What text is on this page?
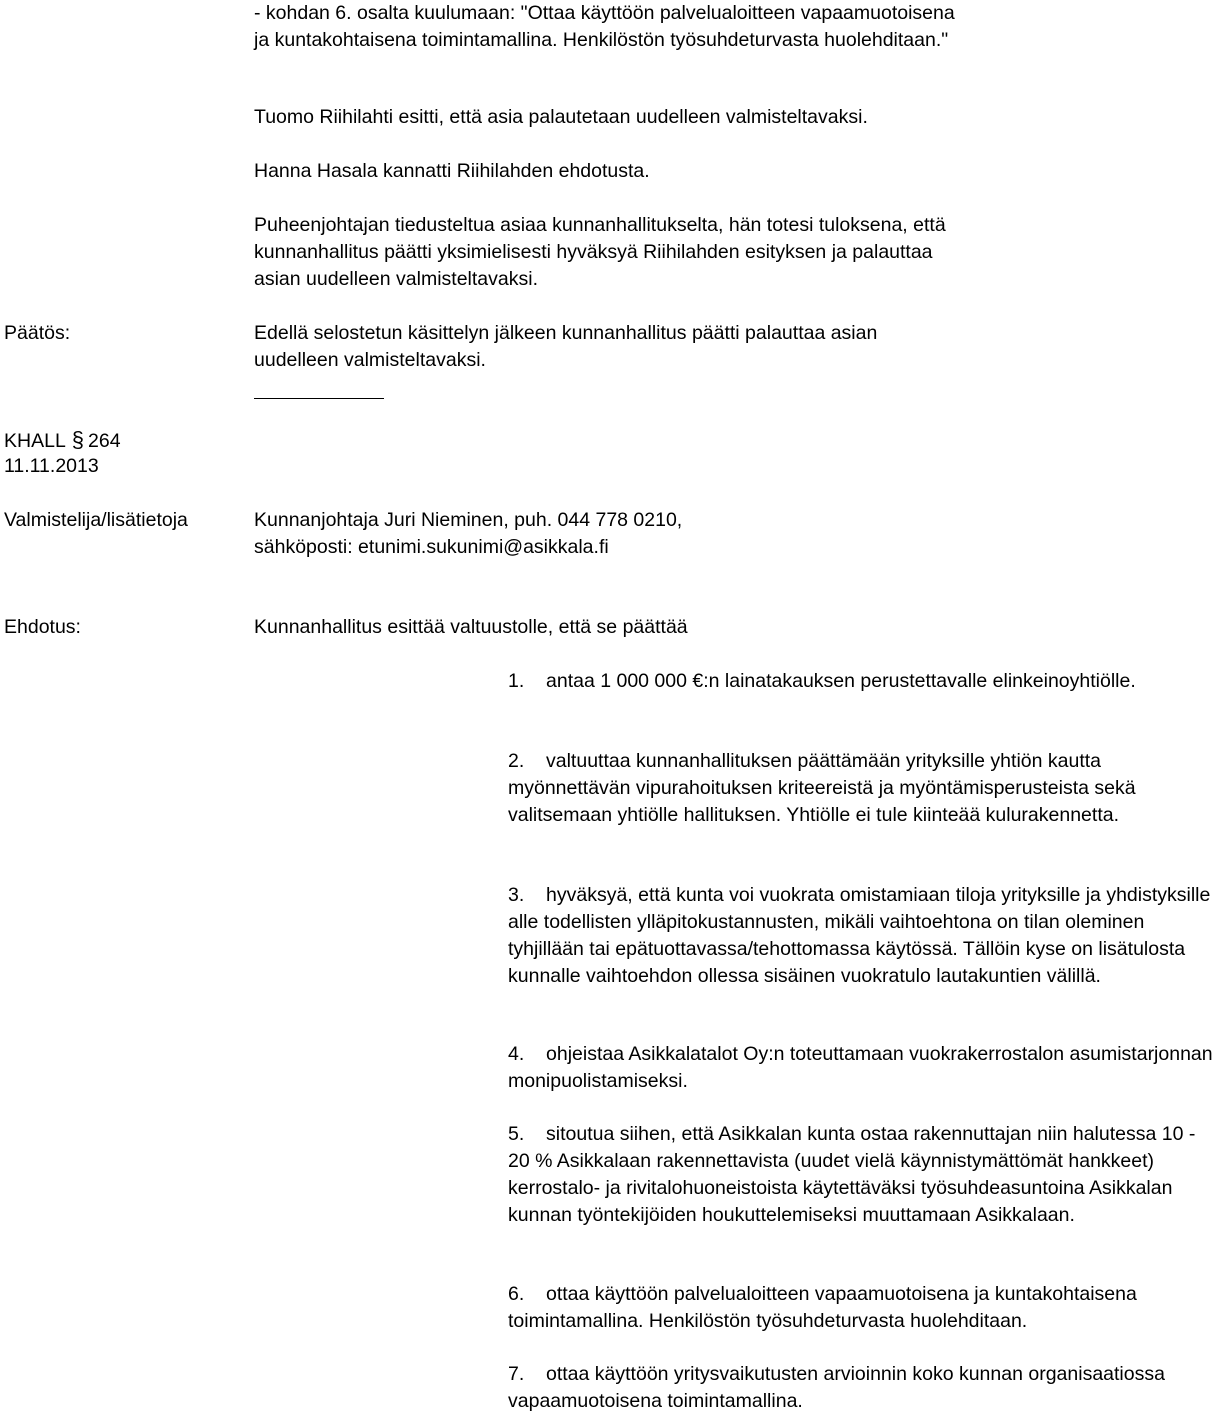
- kohdan 6. osalta kuulumaan: "Ottaa käyttöön palvelualoitteen vapaamuotoisena ja kuntakohtaisena toimintamallina. Henkilöstön työsuhdeturvasta huolehditaan."

Tuomo Riihilahti esitti, että asia palautetaan uudelleen valmisteltavaksi.

Hanna Hasala kannatti Riihilahden ehdotusta.

Puheenjohtajan tiedusteltua asiaa kunnanhallitukselta, hän totesi tuloksena, että kunnanhallitus päätti yksimielisesti hyväksyä Riihilahden esityksen ja palauttaa asian uudelleen valmisteltavaksi.

Päätös:	Edellä selostetun käsittelyn jälkeen kunnanhallitus päätti palauttaa asian uudelleen valmisteltavaksi.

KHALL § 264
11.11.2013
Valmistelija/lisätietoja	Kunnanjohtaja Juri Nieminen, puh. 044 778 0210,

sähköposti: etunimi.sukunimi@asikkala.fi

Ehdotus:	Kunnanhallitus esittää valtuustolle, että se päättää

1. antaa 1 000 000 €:n lainatakauksen perustettavalle elinkeinoyhtiölle.
2. valtuuttaa kunnanhallituksen päättämään yrityksille yhtiön kautta myönnettävän vipurahoituksen kriteereistä ja myöntämisperusteista sekä valitsemaan yhtiölle hallituksen. Yhtiölle ei tule kiinteää kulurakennetta.
3. hyväksyä, että kunta voi vuokrata omistamiaan tiloja yrityksille ja yhdistyksille alle todellisten ylläpitokustannusten, mikäli vaihtoehtona on tilan oleminen tyhjillään tai epätuottavassa/tehottomassa käytössä. Tällöin kyse on lisätulosta kunnalle vaihtoehdon ollessa sisäinen vuokratulo lautakuntien välillä.
4. ohjeistaa Asikkalatalot Oy:n toteuttamaan vuokrakerrostalon asumistarjonnan monipuolistamiseksi.
5. sitoutua siihen, että Asikkalan kunta ostaa rakennuttajan niin halutessa 10 - 20 % Asikkalaan rakennettavista (uudet vielä käynnistymättömät hankkeet) kerrostalo- ja rivitalohuoneistoista käytettäväksi työsuhdeasuntoina Asikkalan kunnan työntekijöiden houkuttelemiseksi muuttamaan Asikkalaan.
6. ottaa käyttöön palvelualoitteen vapaamuotoisena ja kuntakohtaisena toimintamallina. Henkilöstön työsuhdeturvasta huolehditaan.
7. ottaa käyttöön yritysvaikutusten arvioinnin koko kunnan organisaatiossa vapaamuotoisena toimintamallina.
